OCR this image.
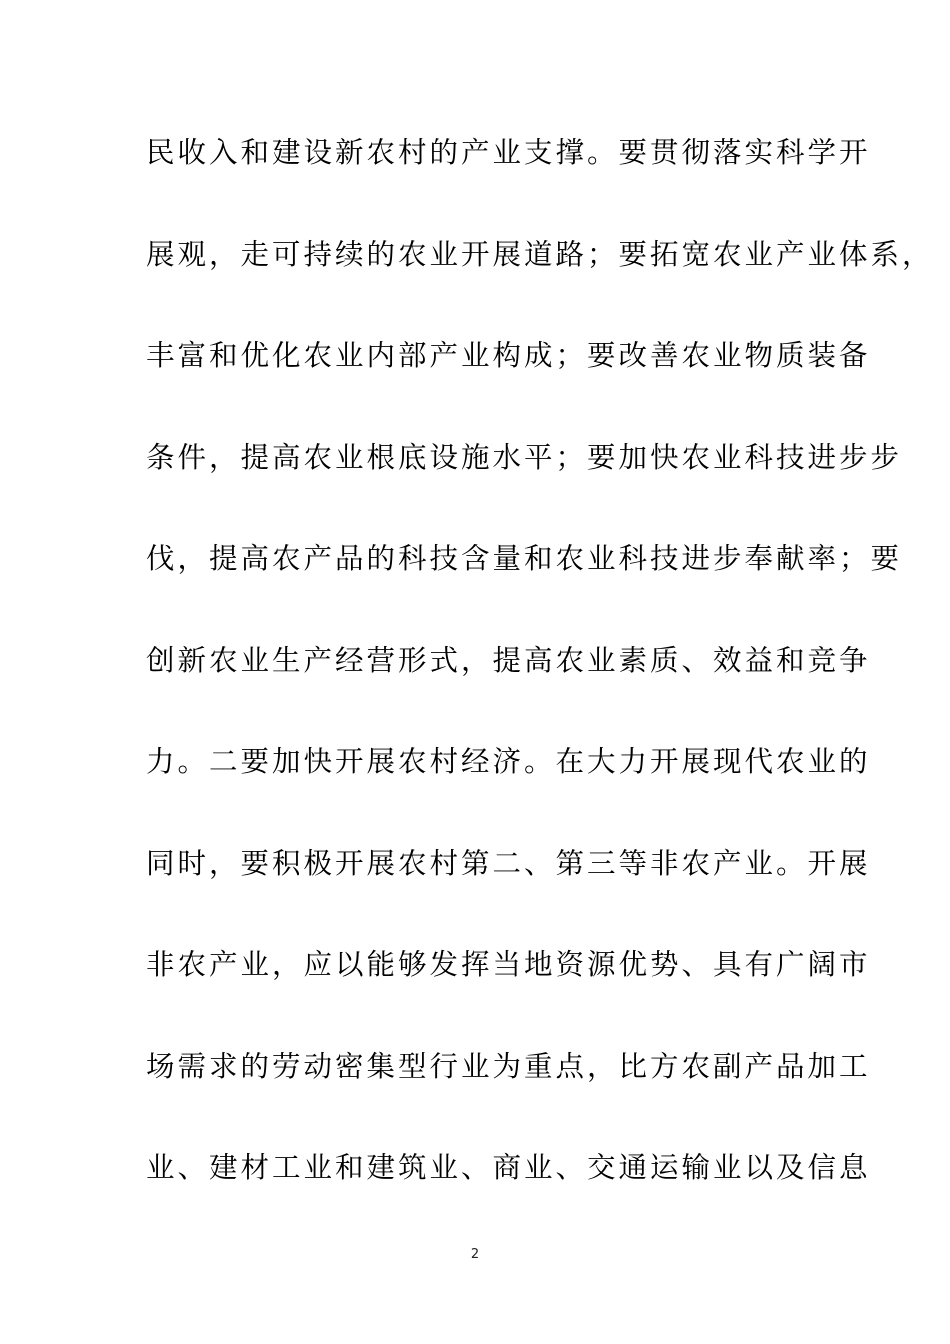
民收入和建设新农村的产业支撑。要贯彻落实科学开
展观，走可持续的农业开展道路；要拓宽农业产业体系，
丰富和优化农业内部产业构成；要改善农业物质装备
条件，提高农业根底设施水平；要加快农业科技进步步
伐，提高农产品的科技含量和农业科技进步奉献率；要
创新农业生产经营形式，提高农业素质、效益和竞争
力。二要加快开展农村经济。在大力开展现代农业的
同时，要积极开展农村第二、第三等非农产业。开展
非农产业，应以能够发挥当地资源优势、具有广阔市
场需求的劳动密集型行业为重点，比方农副产品加工
业、建材工业和建筑业、商业、交通运输业以及信息
2
